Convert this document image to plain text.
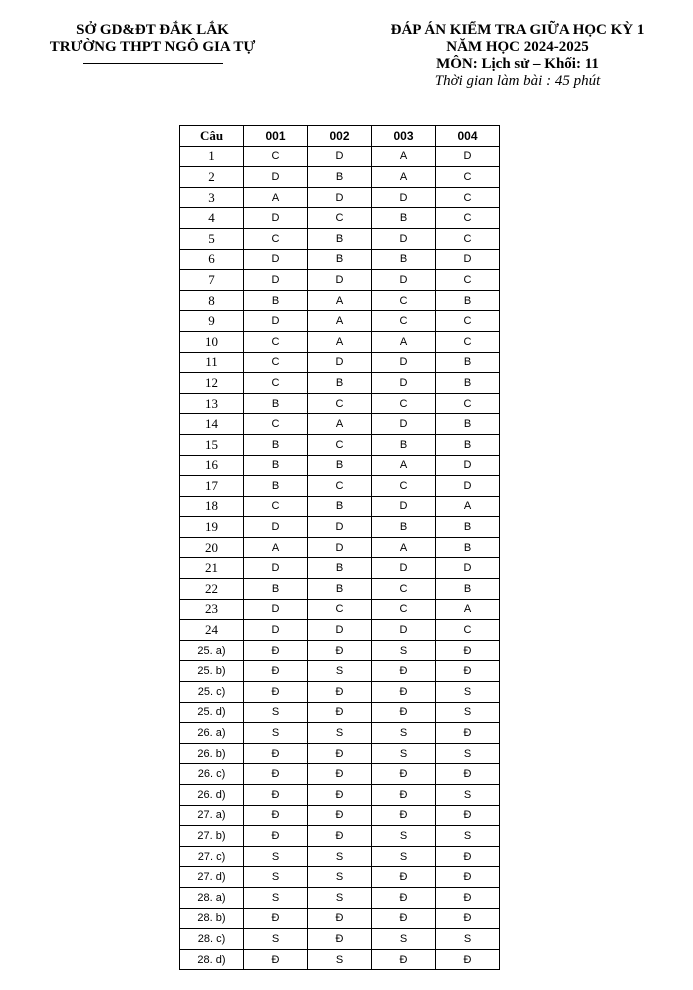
SỞ GD&ĐT ĐẮK LẮK
TRƯỜNG THPT NGÔ GIA TỰ
ĐÁP ÁN KIỂM TRA GIỮA HỌC KỲ 1
NĂM HỌC 2024-2025
MÔN: Lịch sử – Khối: 11
Thời gian làm bài : 45 phút
Câu	001	002	003	004
1	C	D	A	D
2	D	B	A	C
3	A	D	D	C
4	D	C	B	C
5	C	B	D	C
6	D	B	B	D
7	D	D	D	C
8	B	A	C	B
9	D	A	C	C
10	C	A	A	C
11	C	D	D	B
12	C	B	D	B
13	B	C	C	C
14	C	A	D	B
15	B	C	B	B
16	B	B	A	D
17	B	C	C	D
18	C	B	D	A
19	D	D	B	B
20	A	D	A	B
21	D	B	D	D
22	B	B	C	B
23	D	C	C	A
24	D	D	D	C
25. a)	Đ	Đ	S	Đ
25. b)	Đ	S	Đ	Đ
25. c)	Đ	Đ	Đ	S
25. d)	S	Đ	Đ	S
26. a)	S	S	S	Đ
26. b)	Đ	Đ	S	S
26. c)	Đ	Đ	Đ	Đ
26. d)	Đ	Đ	Đ	S
27. a)	Đ	Đ	Đ	Đ
27. b)	Đ	Đ	S	S
27. c)	S	S	S	Đ
27. d)	S	S	Đ	Đ
28. a)	S	S	Đ	Đ
28. b)	Đ	Đ	Đ	Đ
28. c)	S	Đ	S	S
28. d)	Đ	S	Đ	Đ
